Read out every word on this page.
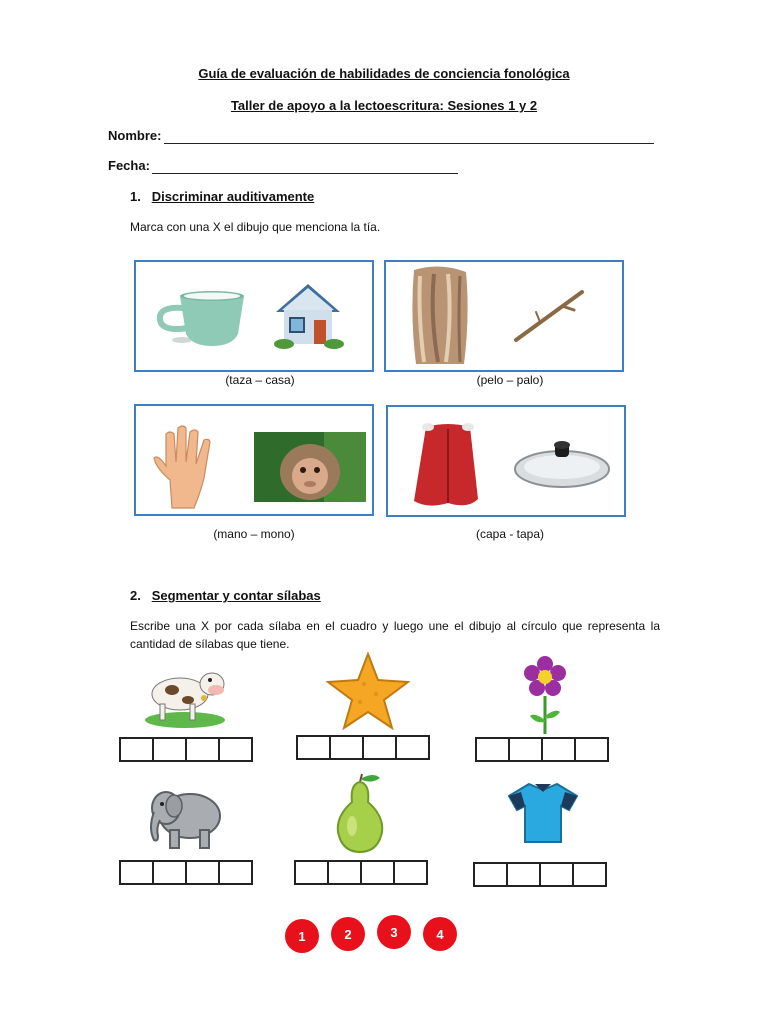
Guía de evaluación de habilidades de conciencia fonológica
Taller de apoyo a la lectoescritura: Sesiones 1 y 2
Nombre:
Fecha:
1. Discriminar auditivamente
Marca con una X el dibujo que menciona la tía.
(taza – casa)	(pelo – palo)
(mano – mono)	(capa - tapa)
2. Segmentar y contar sílabas
Escribe una X por cada sílaba en el cuadro y luego une el dibujo al círculo que representa la cantidad de sílabas que tiene.
1	2	3	4
